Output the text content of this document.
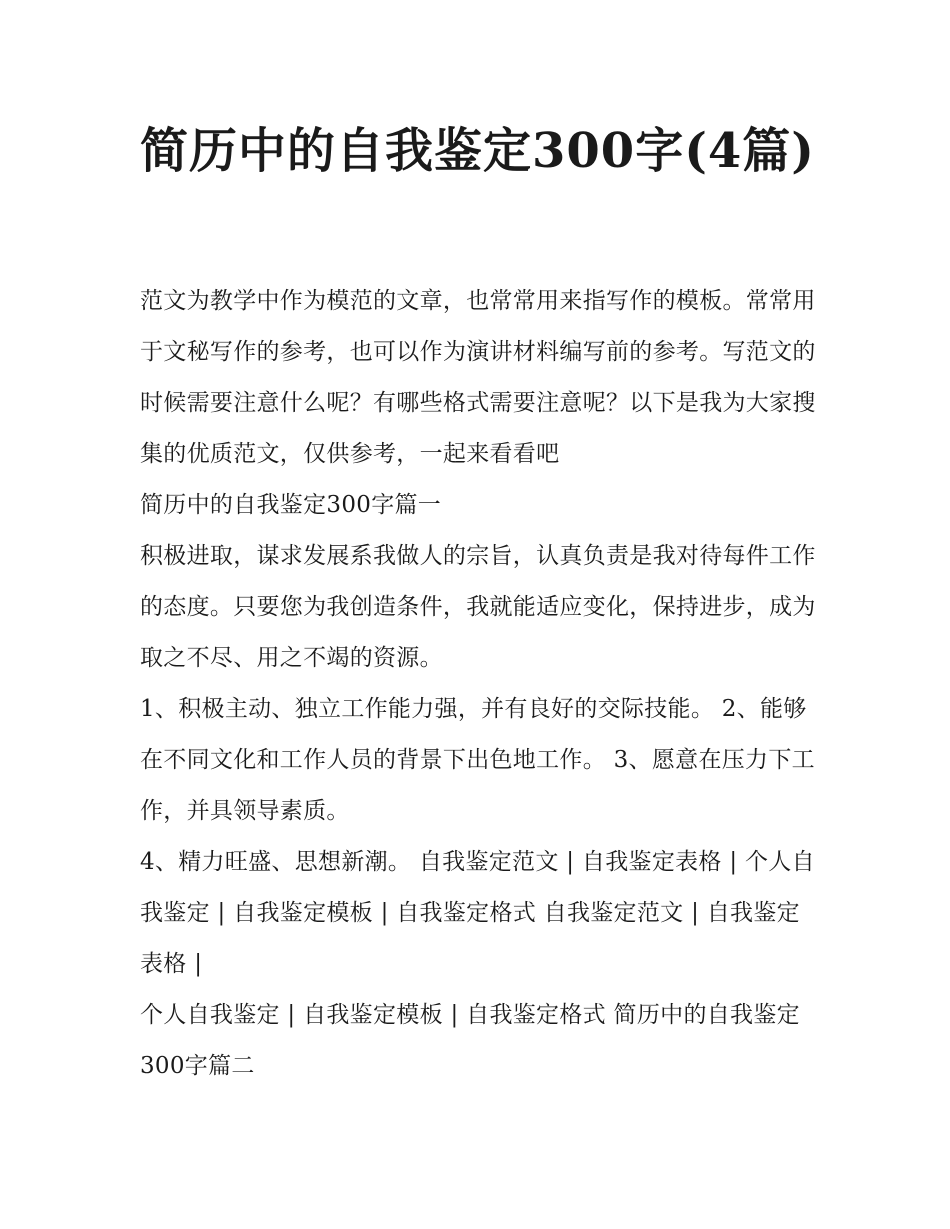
简历中的自我鉴定300字(4篇)

范文为教学中作为模范的文章，也常常用来指写作的模板。常常用于文秘写作的参考，也可以作为演讲材料编写前的参考。写范文的时候需要注意什么呢？有哪些格式需要注意呢？以下是我为大家搜集的优质范文，仅供参考，一起来看看吧

简历中的自我鉴定300字篇一

积极进取，谋求发展系我做人的宗旨，认真负责是我对待每件工作的态度。只要您为我创造条件，我就能适应变化，保持进步，成为取之不尽、用之不竭的资源。

1、积极主动、独立工作能力强，并有良好的交际技能。 2、能够在不同文化和工作人员的背景下出色地工作。 3、愿意在压力下工作，并具领导素质。

4、精力旺盛、思想新潮。 自我鉴定范文 | 自我鉴定表格 | 个人自我鉴定 | 自我鉴定模板 | 自我鉴定格式 自我鉴定范文 | 自我鉴定表格 |

个人自我鉴定 | 自我鉴定模板 | 自我鉴定格式 简历中的自我鉴定300字篇二
